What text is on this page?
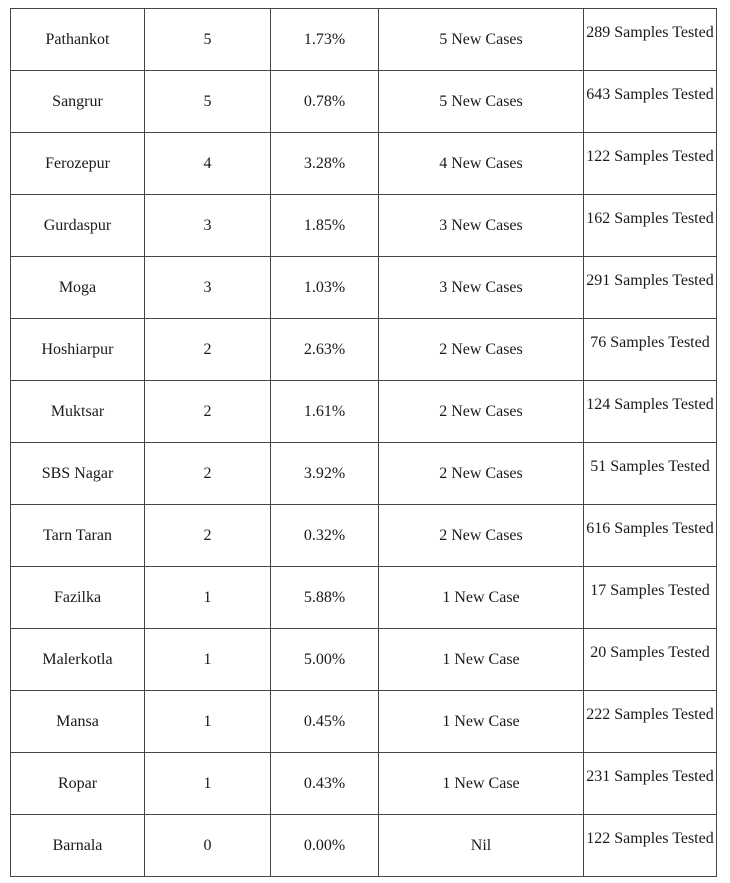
Pathankot	5	1.73%	5 New Cases	289 Samples Tested

Sangrur	5	0.78%	5 New Cases	643 Samples Tested

Ferozepur	4	3.28%	4 New Cases	122 Samples Tested

Gurdaspur	3	1.85%	3 New Cases	162 Samples Tested

Moga	3	1.03%	3 New Cases	291 Samples Tested

Hoshiarpur	2	2.63%	2 New Cases	76 Samples Tested

Muktsar	2	1.61%	2 New Cases	124 Samples Tested

SBS Nagar	2	3.92%	2 New Cases	51 Samples Tested

Tarn Taran	2	0.32%	2 New Cases	616 Samples Tested

Fazilka	1	5.88%	1 New Case	17 Samples Tested

Malerkotla	1	5.00%	1 New Case	20 Samples Tested

Mansa	1	0.45%	1 New Case	222 Samples Tested

Ropar	1	0.43%	1 New Case	231 Samples Tested

Barnala	0	0.00%	Nil	122 Samples Tested
